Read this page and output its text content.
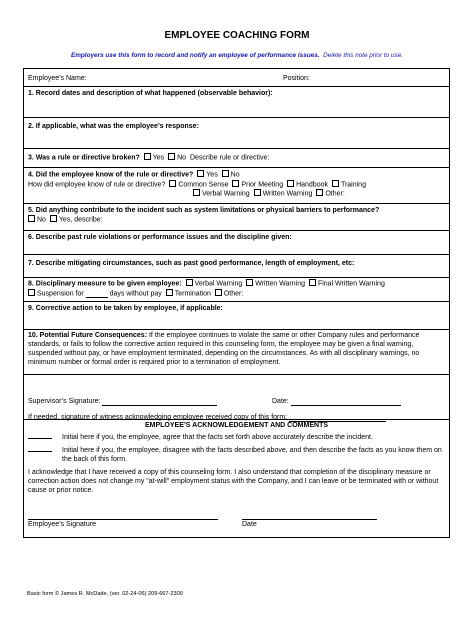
EMPLOYEE COACHING FORM
Employers use this form to record and notify an employee of performance issues. Delete this note prior to use.
Employee’s Name:	Position:
1. Record dates and description of what happened (observable behavior):
2. If applicable, what was the employee’s response:
3. Was a rule or directive broken? Yes No Describe rule or directive:
4. Did the employee know of the rule or directive? Yes No
How did employee know of rule or directive? Common Sense Prior Meeting Handbook Training
Verbal Warning Written Warning Other:
5. Did anything contribute to the incident such as system limitations or physical barriers to performance?
No Yes, describe:
6. Describe past rule violations or performance issues and the discipline given:
7. Describe mitigating circumstances, such as past good performance, length of employment, etc:
8. Disciplinary measure to be given employee: Verbal Warning Written Warning Final Written Warning
Suspension for	days without pay Termination Other:
9. Corrective action to be taken by employee, if applicable:
10. Potential Future Consequences: If the employee continues to violate the same or other Company rules and performance standards, or fails to follow the corrective action required in this counseling form, the employee may be given a final warning, suspended without pay, or have employment terminated, depending on the circumstances. As with all disciplinary warnings, no minimum number or formal order is required prior to a termination of employment.
Supervisor’s Signature:	Date:
If needed, signature of witness acknowledging employee received copy of this form:
EMPLOYEE’S ACKNOWLEDGEMENT AND COMMENTS
Initial here if you, the employee, agree that the facts set forth above accurately describe the incident.
Initial here if you, the employee, disagree with the facts described above, and then describe the facts as you know them on the back of this form.
I acknowledge that I have received a copy of this counseling form. I also understand that completion of the disciplinary measure or correction action does not change my "at-will" employment status with the Company, and I can leave or be terminated with or without cause or prior notice.
Employee’s Signature	Date
Basic form © James R. McDade, (ver. 02-24-06) 209-667-2300
